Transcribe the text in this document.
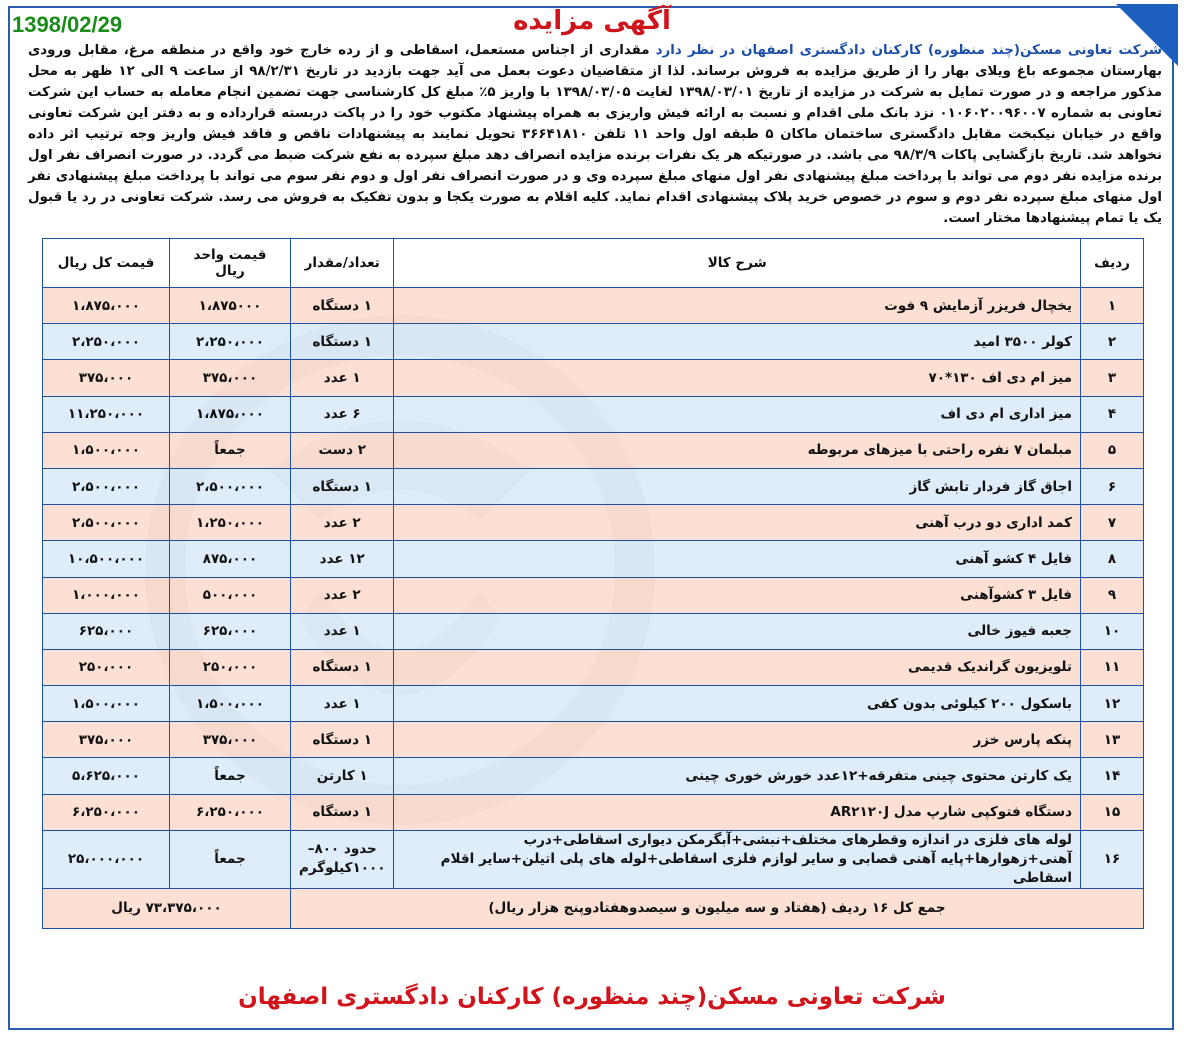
1398/02/29	آگهی مزایده
شرکت تعاونی مسکن(چند منظوره) کارکنان دادگستری اصفهان در نظر دارد مقداری از اجناس مستعمل، اسقاطی و از رده خارج خود واقع در منطقه مرغ، مقابل ورودی بهارستان مجموعه باغ ویلای بهار را از طریق مزایده به فروش برساند. لذا از متقاضیان دعوت بعمل می آید جهت بازدید در تاریخ ۹۸/۲/۳۱ از ساعت ۹ الی ۱۲ ظهر به محل مذکور مراجعه و در صورت تمایل به شرکت در مزایده از تاریخ ۱۳۹۸/۰۳/۰۱ لغایت ۱۳۹۸/۰۳/۰۵ با واریز ۵٪ مبلغ کل کارشناسی جهت تضمین انجام معامله به حساب این شرکت تعاونی به شماره ۰۱۰۶۰۲۰۰۹۶۰۰۷ نزد بانک ملی اقدام و نسبت به ارائه فیش واریزی به همراه پیشنهاد مکتوب خود را در پاکت دربسته قرارداده و به دفتر این شرکت تعاونی واقع در خیابان نیکبخت مقابل دادگستری ساختمان ماکان ۵ طبقه اول واحد ۱۱ تلفن ۳۶۶۴۱۸۱۰ تحویل نمایند به پیشنهادات ناقص و فاقد فیش واریز وجه ترتیب اثر داده نخواهد شد. تاریخ بازگشایی پاکات ۹۸/۳/۹ می باشد. در صورتیکه هر یک نفرات برنده مزایده انصراف دهد مبلغ سپرده به نفع شرکت ضبط می گردد. در صورت انصراف نفر اول برنده مزایده نفر دوم می تواند با پرداخت مبلغ پیشنهادی نفر اول منهای مبلغ سپرده وی و در صورت انصراف نفر اول و دوم نفر سوم می تواند با پرداخت مبلغ پیشنهادی نفر اول منهای مبلغ سپرده نفر دوم و سوم در خصوص خرید پلاک پیشنهادی اقدام نماید. کلیه اقلام به صورت یکجا و بدون تفکیک به فروش می رسد. شرکت تعاونی در رد یا قبول یک یا تمام پیشنهادها مختار است.
ردیف	شرح کالا	تعداد/مقدار	قیمت واحد ریال	قیمت کل ریال
۱	یخچال فریزر آزمایش ۹ فوت	۱ دستگاه	۱،۸۷۵۰۰۰	۱،۸۷۵،۰۰۰
۲	کولر ۳۵۰۰ امید	۱ دستگاه	۲،۲۵۰،۰۰۰	۲،۲۵۰،۰۰۰
۳	میز ام دی اف ۱۳۰*۷۰	۱ عدد	۳۷۵،۰۰۰	۳۷۵،۰۰۰
۴	میز اداری ام دی اف	۶ عدد	۱،۸۷۵،۰۰۰	۱۱،۲۵۰،۰۰۰
۵	مبلمان ۷ نفره راحتی با میزهای مربوطه	۲ دست	جمعاً	۱،۵۰۰،۰۰۰
۶	اجاق گاز فردار تابش گاز	۱ دستگاه	۲،۵۰۰،۰۰۰	۲،۵۰۰،۰۰۰
۷	کمد اداری دو درب آهنی	۲ عدد	۱،۲۵۰،۰۰۰	۲،۵۰۰،۰۰۰
۸	فایل ۴ کشو آهنی	۱۲ عدد	۸۷۵،۰۰۰	۱۰،۵۰۰،۰۰۰
۹	فایل ۳ کشوآهنی	۲ عدد	۵۰۰،۰۰۰	۱،۰۰۰،۰۰۰
۱۰	جعبه فیوز خالی	۱ عدد	۶۲۵،۰۰۰	۶۲۵،۰۰۰
۱۱	تلویزیون گراندیک قدیمی	۱ دستگاه	۲۵۰،۰۰۰	۲۵۰،۰۰۰
۱۲	باسکول ۲۰۰ کیلوئی بدون کفی	۱ عدد	۱،۵۰۰،۰۰۰	۱،۵۰۰،۰۰۰
۱۳	پنکه پارس خزر	۱ دستگاه	۳۷۵،۰۰۰	۳۷۵،۰۰۰
۱۴	یک کارتن محتوی چینی متفرقه+۱۲عدد خورش خوری چینی	۱ کارتن	جمعاً	۵،۶۲۵،۰۰۰
۱۵	دستگاه فتوکپی شارپ مدل AR۲۱۲۰J	۱ دستگاه	۶،۲۵۰،۰۰۰	۶،۲۵۰،۰۰۰
۱۶	لوله های فلزی در اندازه وقطرهای مختلف+نبشی+آبگرمکن دیواری اسقاطی+درب آهنی+زهوارها+پایه آهنی قصابی و سایر لوازم فلزی اسقاطی+لوله های پلی اتیلن+سایر اقلام اسقاطی	حدود ۸۰۰– ۱۰۰۰کیلوگرم	جمعاً	۲۵،۰۰۰،۰۰۰
جمع کل ۱۶ ردیف (هفتاد و سه میلیون و سیصدوهفتادوپنج هزار ریال)			۷۳،۳۷۵،۰۰۰ ریال	
شرکت تعاونی مسکن(چند منظوره) کارکنان دادگستری اصفهان
